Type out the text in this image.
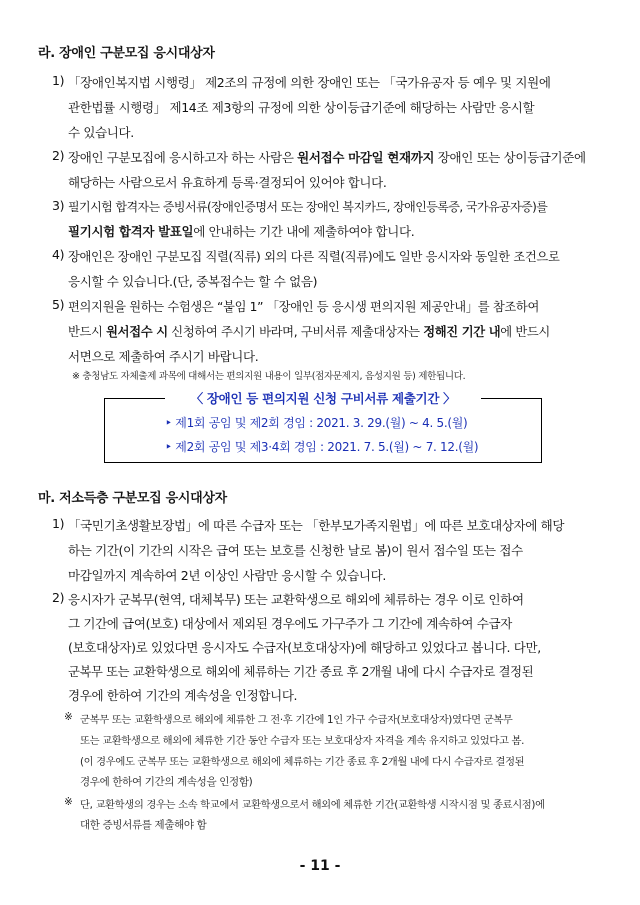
라. 장애인 구분모집 응시대상자
1) 「장애인복지법 시행령」 제2조의 규정에 의한 장애인 또는 「국가유공자 등 예우 및 지원에
관한법률 시행령」 제14조 제3항의 규정에 의한 상이등급기준에 해당하는 사람만 응시할
수 있습니다.
2) 장애인 구분모집에 응시하고자 하는 사람은 원서접수 마감일 현재까지 장애인 또는 상이등급기준에
해당하는 사람으로서 유효하게 등록·결정되어 있어야 합니다.
3) 필기시험 합격자는 증빙서류(장애인증명서 또는 장애인 복지카드, 장애인등록증, 국가유공자증)를
필기시험 합격자 발표일에 안내하는 기간 내에 제출하여야 합니다.
4) 장애인은 장애인 구분모집 직렬(직류) 외의 다른 직렬(직류)에도 일반 응시자와 동일한 조건으로
응시할 수 있습니다.(단, 중복접수는 할 수 없음)
5) 편의지원을 원하는 수험생은 “붙임 1” 「장애인 등 응시생 편의지원 제공안내」를 참조하여
반드시 원서접수 시 신청하여 주시기 바라며, 구비서류 제출대상자는 정해진 기간 내에 반드시
서면으로 제출하여 주시기 바랍니다.
※ 충청남도 자체출제 과목에 대해서는 편의지원 내용이 일부(점자문제지, 음성지원 등) 제한됩니다.
〈 장애인 등 편의지원 신청 구비서류 제출기간 〉
‣ 제1회 공임 및 제2회 경임 : 2021. 3. 29.(월) ~ 4. 5.(월)
‣ 제2회 공임 및 제3·4회 경임 : 2021. 7. 5.(월) ~ 7. 12.(월)
마. 저소득층 구분모집 응시대상자
1) 「국민기초생활보장법」에 따른 수급자 또는 「한부모가족지원법」에 따른 보호대상자에 해당
하는 기간(이 기간의 시작은 급여 또는 보호를 신청한 날로 봄)이 원서 접수일 또는 접수
마감일까지 계속하여 2년 이상인 사람만 응시할 수 있습니다.
2) 응시자가 군복무(현역, 대체복무) 또는 교환학생으로 해외에 체류하는 경우 이로 인하여
그 기간에 급여(보호) 대상에서 제외된 경우에도 가구주가 그 기간에 계속하여 수급자
(보호대상자)로 있었다면 응시자도 수급자(보호대상자)에 해당하고 있었다고 봅니다. 다만,
군복무 또는 교환학생으로 해외에 체류하는 기간 종료 후 2개월 내에 다시 수급자로 결정된
경우에 한하여 기간의 계속성을 인정합니다.
※ 군복무 또는 교환학생으로 해외에 체류한 그 전·후 기간에 1인 가구 수급자(보호대상자)였다면 군복무
또는 교환학생으로 해외에 체류한 기간 동안 수급자 또는 보호대상자 자격을 계속 유지하고 있었다고 봄.
(이 경우에도 군복무 또는 교환학생으로 해외에 체류하는 기간 종료 후 2개월 내에 다시 수급자로 결정된
경우에 한하여 기간의 계속성을 인정함)
※ 단, 교환학생의 경우는 소속 학교에서 교환학생으로서 해외에 체류한 기간(교환학생 시작시점 및 종료시점)에
대한 증빙서류를 제출해야 함
- 11 -
